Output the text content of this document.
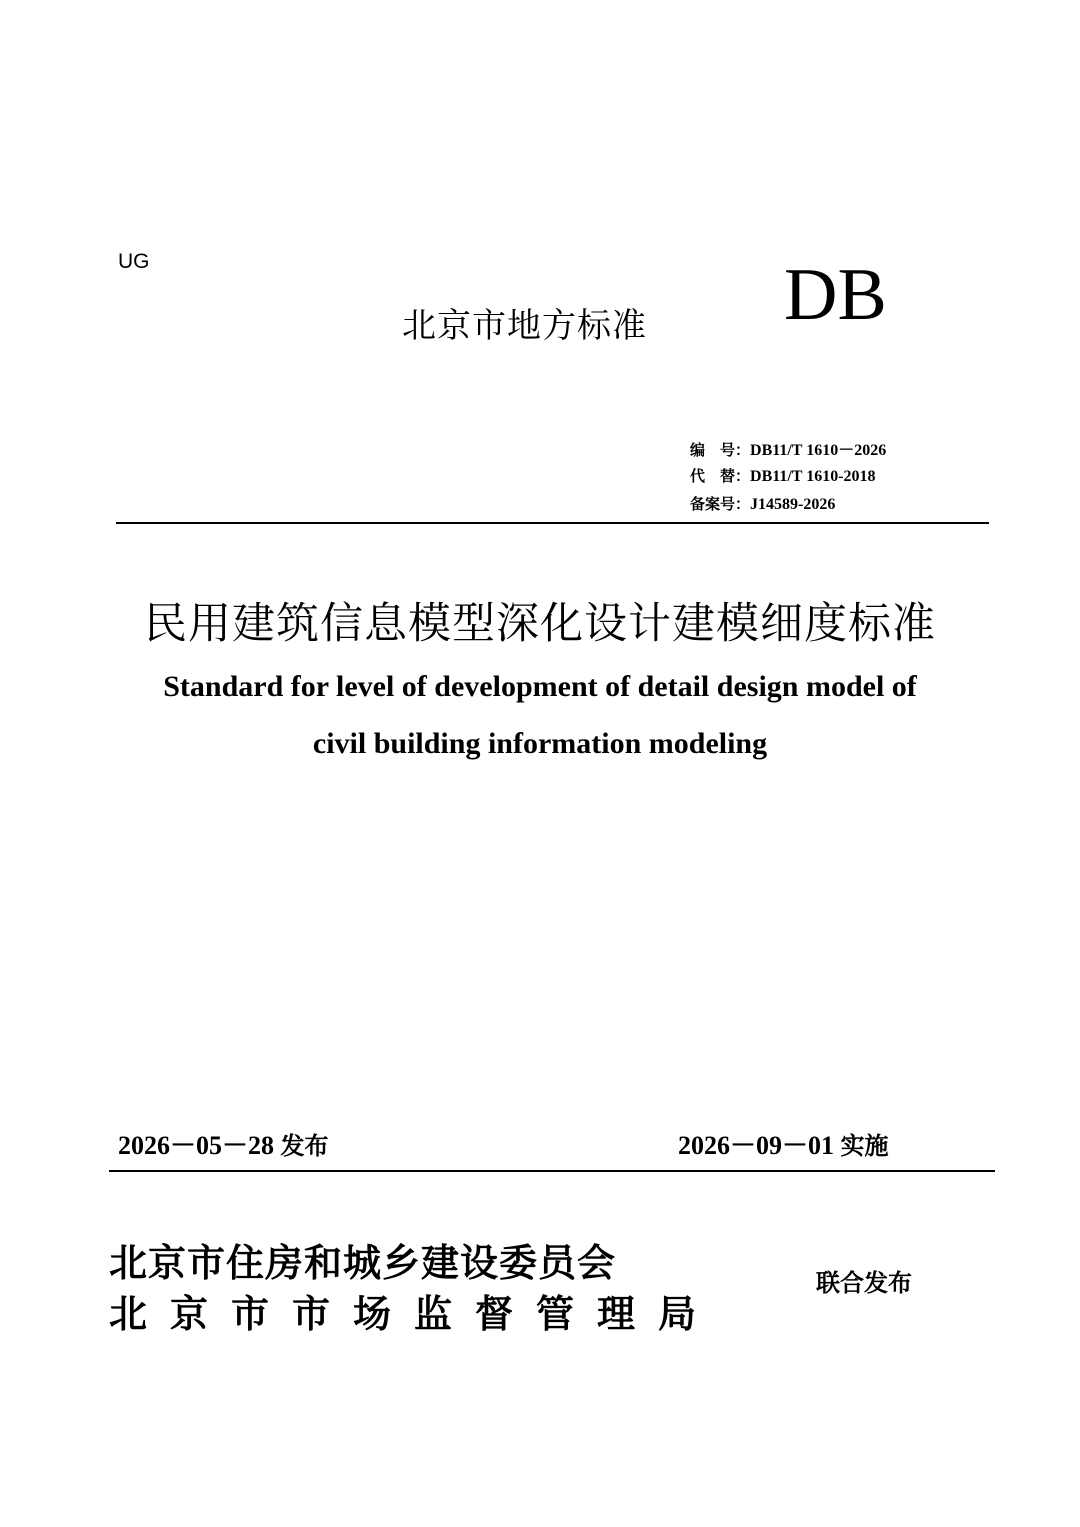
UG
北京市地方标准 DB
编　号：DB11/T 1610－2026
代　替：DB11/T 1610-2018
备案号：J14589-2026
民用建筑信息模型深化设计建模细度标准
Standard for level of development of detail design model of
civil building information modeling
2026－05－28 发布	2026－09－01 实施
北京市住房和城乡建设委员会
北京市市场监督管理局
联合发布
